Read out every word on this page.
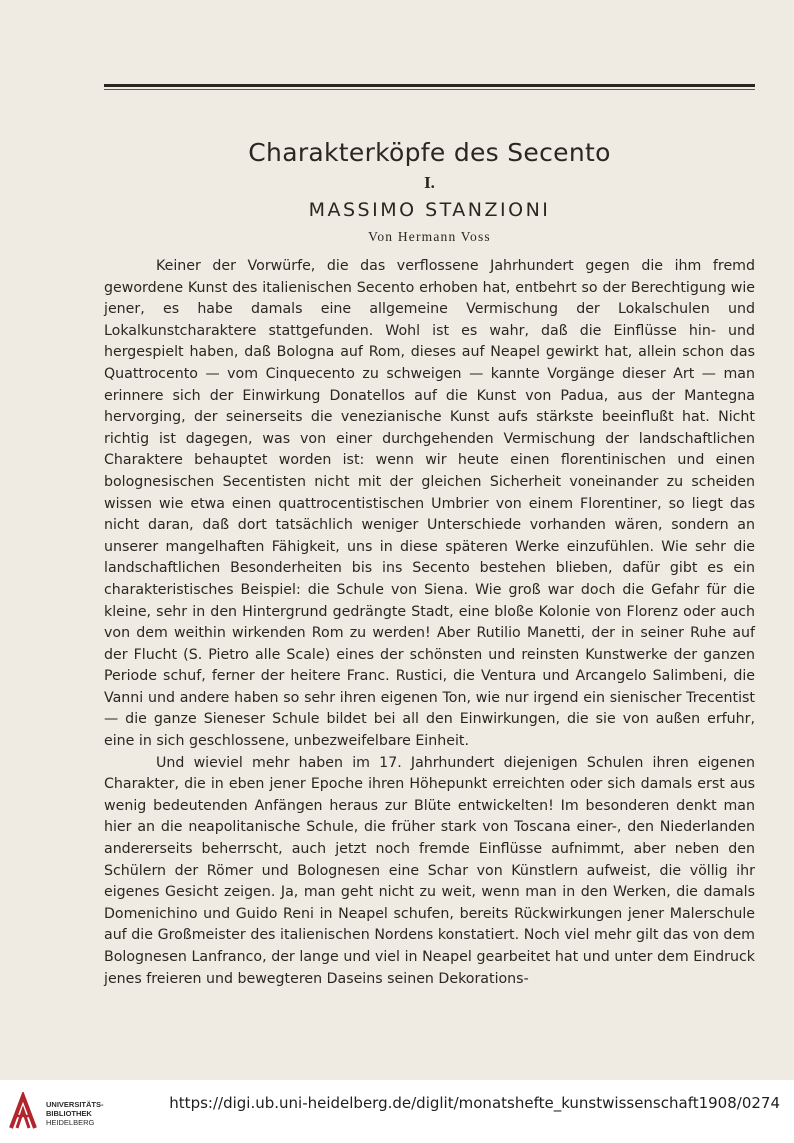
Charakterköpfe des Secento
I.
MASSIMO STANZIONI
Von Hermann Voss

Keiner der Vorwürfe, die das verflossene Jahrhundert gegen die ihm fremd gewordene Kunst des italienischen Secento erhoben hat, entbehrt so der Berechtigung wie jener, es habe damals eine allgemeine Vermischung der Lokalschulen und Lokalkunstcharaktere stattgefunden. Wohl ist es wahr, daß die Einflüsse hin- und hergespielt haben, daß Bologna auf Rom, dieses auf Neapel gewirkt hat, allein schon das Quattrocento — vom Cinquecento zu schweigen — kannte Vorgänge dieser Art — man erinnere sich der Einwirkung Donatellos auf die Kunst von Padua, aus der Mantegna hervorging, der seinerseits die venezianische Kunst aufs stärkste beeinflußt hat. Nicht richtig ist dagegen, was von einer durchgehenden Vermischung der landschaftlichen Charaktere behauptet worden ist: wenn wir heute einen florentinischen und einen bolognesischen Secentisten nicht mit der gleichen Sicherheit voneinander zu scheiden wissen wie etwa einen quattrocentistischen Umbrier von einem Florentiner, so liegt das nicht daran, daß dort tatsächlich weniger Unterschiede vorhanden wären, sondern an unserer mangelhaften Fähigkeit, uns in diese späteren Werke einzufühlen. Wie sehr die landschaftlichen Besonderheiten bis ins Secento bestehen blieben, dafür gibt es ein charakteristisches Beispiel: die Schule von Siena. Wie groß war doch die Gefahr für die kleine, sehr in den Hintergrund gedrängte Stadt, eine bloße Kolonie von Florenz oder auch von dem weithin wirkenden Rom zu werden! Aber Rutilio Manetti, der in seiner Ruhe auf der Flucht (S. Pietro alle Scale) eines der schönsten und reinsten Kunstwerke der ganzen Periode schuf, ferner der heitere Franc. Rustici, die Ventura und Arcangelo Salimbeni, die Vanni und andere haben so sehr ihren eigenen Ton, wie nur irgend ein sienischer Trecentist — die ganze Sieneser Schule bildet bei all den Einwirkungen, die sie von außen erfuhr, eine in sich geschlossene, unbezweifelbare Einheit.

Und wieviel mehr haben im 17. Jahrhundert diejenigen Schulen ihren eigenen Charakter, die in eben jener Epoche ihren Höhepunkt erreichten oder sich damals erst aus wenig bedeutenden Anfängen heraus zur Blüte entwickelten! Im besonderen denkt man hier an die neapolitanische Schule, die früher stark von Toscana einer-, den Niederlanden andererseits beherrscht, auch jetzt noch fremde Einflüsse aufnimmt, aber neben den Schülern der Römer und Bolognesen eine Schar von Künstlern aufweist, die völlig ihr eigenes Gesicht zeigen. Ja, man geht nicht zu weit, wenn man in den Werken, die damals Domenichino und Guido Reni in Neapel schufen, bereits Rückwirkungen jener Malerschule auf die Großmeister des italienischen Nordens konstatiert. Noch viel mehr gilt das von dem Bolognesen Lanfranco, der lange und viel in Neapel gearbeitet hat und unter dem Eindruck jenes freieren und bewegteren Daseins seinen Dekorations-

UNIVERSITÄTS-
BIBLIOTHEK
HEIDELBERG
https://digi.ub.uni-heidelberg.de/diglit/monatshefte_kunstwissenschaft1908/0274
